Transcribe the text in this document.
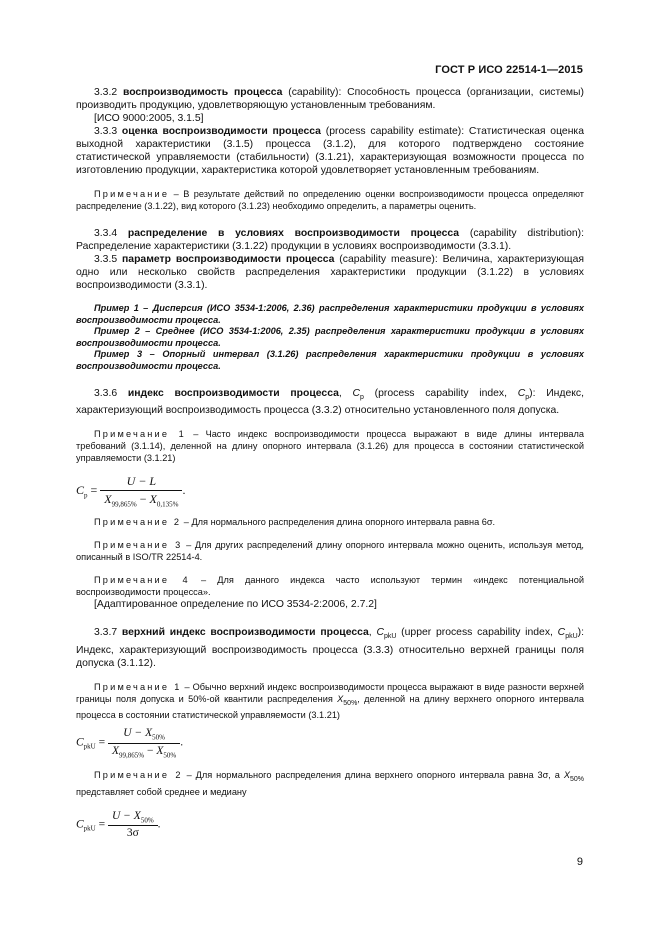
ГОСТ Р ИСО 22514-1—2015

3.3.2 воспроизводимость процесса (capability): Способность процесса (организации, системы) производить продукцию, удовлетворяющую установленным требованиям.

[ИСО 9000:2005, 3.1.5]

3.3.3 оценка воспроизводимости процесса (process capability estimate): Статистическая оценка выходной характеристики (3.1.5) процесса (3.1.2), для которого подтверждено состояние статистической управляемости (стабильности) (3.1.21), характеризующая возможности процесса по изготовлению продукции, характеристика которой удовлетворяет установленным требованиям.

Примечание – В результате действий по определению оценки воспроизводимости процесса определяют распределение (3.1.22), вид которого (3.1.23) необходимо определить, а параметры оценить.

3.3.4 распределение в условиях воспроизводимости процесса (capability distribution): Распределение характеристики (3.1.22) продукции в условиях воспроизводимости (3.3.1).

3.3.5 параметр воспроизводимости процесса (capability measure): Величина, характеризующая одно или несколько свойств распределения характеристики продукции (3.1.22) в условиях воспроизводимости (3.3.1).

Пример 1 – Дисперсия (ИСО 3534-1:2006, 2.36) распределения характеристики продукции в условиях воспроизводимости процесса.

Пример 2 – Среднее (ИСО 3534-1:2006, 2.35) распределения характеристики продукции в условиях воспроизводимости процесса.

Пример 3 – Опорный интервал (3.1.26) распределения характеристики продукции в условиях воспроизводимости процесса.

3.3.6 индекс воспроизводимости процесса, $C_p$ (process capability index, $C_p$): Индекс, характеризующий воспроизводимость процесса (3.3.2) относительно установленного поля допуска.

Примечание 1 – Часто индекс воспроизводимости процесса выражают в виде длины интервала требований (3.1.14), деленной на длину опорного интервала (3.1.26) для процесса в состоянии статистической управляемости (3.1.21)

$C_p = \frac{U - L}{X_{99,865\%} - X_{0,135\%}}$ .

Примечание 2 – Для нормального распределения длина опорного интервала равна 6σ.

Примечание 3 – Для других распределений длину опорного интервала можно оценить, используя метод, описанный в ISO/TR 22514-4.

Примечание 4 – Для данного индекса часто используют термин «индекс потенциальной воспроизводимости процесса».

[Адаптированное определение по ИСО 3534-2:2006, 2.7.2]

3.3.7 верхний индекс воспроизводимости процесса, $C_{pkU}$ (upper process capability index, $C_{pkU}$): Индекс, характеризующий воспроизводимость процесса (3.3.3) относительно верхней границы поля допуска (3.1.12).

Примечание 1 – Обычно верхний индекс воспроизводимости процесса выражают в виде разности верхней границы поля допуска и 50%-ой квантили распределения $X_{50\%}$, деленной на длину верхнего опорного интервала процесса в состоянии статистической управляемости (3.1.21)

$C_{pkU} = \frac{U - X_{50\%}}{X_{99,865\%} - X_{50\%}}$ .

Примечание 2 – Для нормального распределения длина верхнего опорного интервала равна 3σ, а $X_{50\%}$ представляет собой среднее и медиану

$C_{pkU} = \frac{U - X_{50\%}}{3\sigma}$ .
9
